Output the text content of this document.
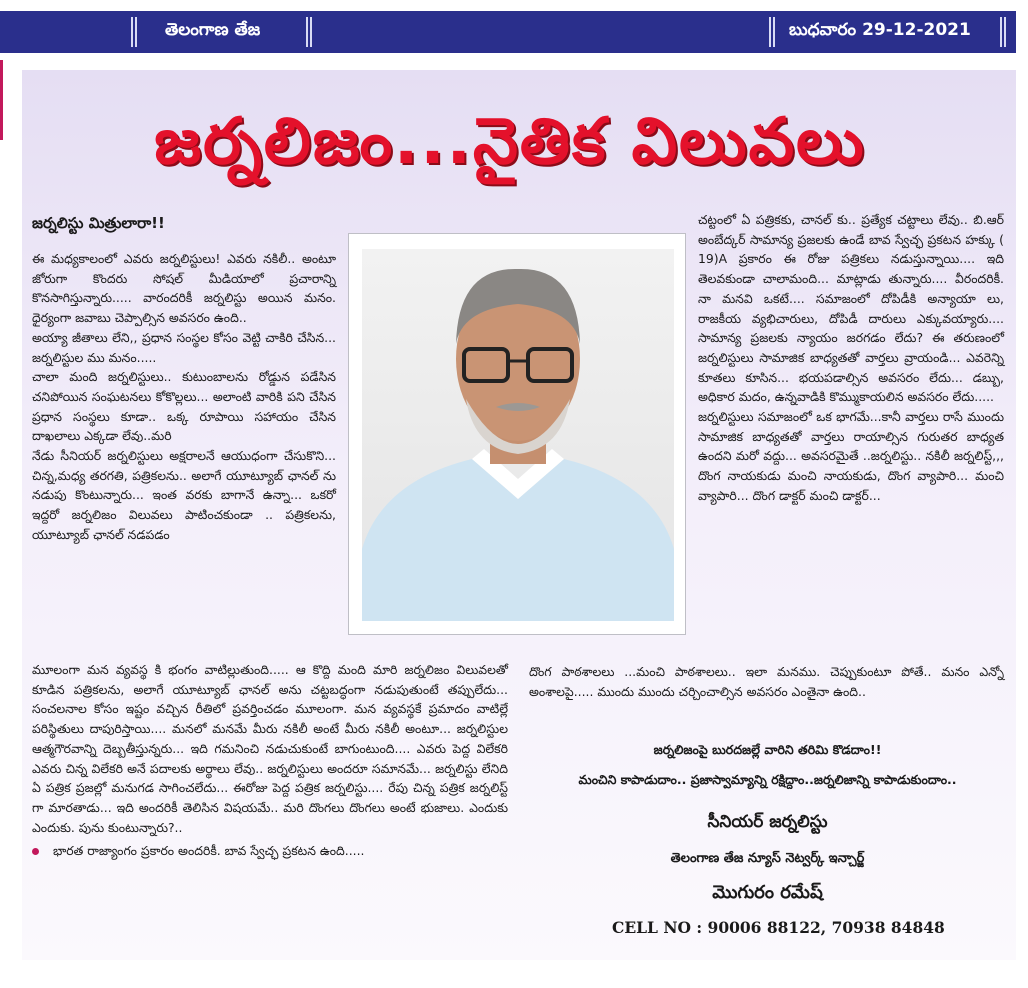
తెలంగాణ తేజ	బుధవారం 29-12-2021
జర్నలిజం...నైతిక విలువలు
జర్నలిస్టు మిత్రులారా!!

ఈ మధ్యకాలంలో ఎవరు జర్నలిస్టులు! ఎవరు నకిలీ.. అంటూ జోరుగా కొందరు సోషల్ మీడియాలో ప్రచారాన్ని కొనసాగిస్తున్నారు..... వారందరికీ జర్నలిస్టు అయిన మనం. ధైర్యంగా జవాబు చెప్పాల్సిన అవసరం ఉంది..

అయ్యా జీతాలు లేని,, ప్రధాన సంస్థల కోసం వెట్టి చాకిరి చేసిన... జర్నలిస్టుల ము మనం.....

చాలా మంది జర్నలిస్టులు.. కుటుంబాలను రోడ్డున పడేసిన చనిపోయిన సంఘటనలు కోకొల్లలు... అలాంటి వారికి పని చేసిన ప్రధాన సంస్థలు కూడా.. ఒక్క రూపాయి సహాయం చేసిన దాఖలాలు ఎక్కడా లేవు..మరి

నేడు సీనియర్ జర్నలిస్టులు అక్షరాలనే ఆయుధంగా చేసుకొని... చిన్న,మధ్య తరగతి, పత్రికలను.. అలాగే యూట్యూబ్ ఛానల్ ను నడుపు కొంటున్నారు... ఇంత వరకు బాగానే ఉన్నా... ఒకరో ఇద్దరో జర్నలిజం విలువలు పాటించకుండా .. పత్రికలను, యూట్యూబ్ ఛానల్ నడపడం

చట్టంలో ఏ పత్రికకు, చానల్ కు.. ప్రత్యేక చట్టాలు లేవు.. బి.ఆర్ అంబేద్కర్ సామాన్య ప్రజలకు ఉండే బావ స్వేచ్ఛ ప్రకటన హక్కు ( 19)A ప్రకారం ఈ రోజు పత్రికలు నడుస్తున్నాయి.... ఇది తెలవకుండా చాలామంది... మాట్లాడు తున్నారు.... వీరందరికీ. నా మనవి ఒకటే.... సమాజంలో దోపిడీకి అన్యాయా లు, రాజకీయ వ్యభిచారులు, దోపిడీ దారులు ఎక్కువయ్యారు.... సామాన్య ప్రజలకు న్యాయం జరగడం లేదు? ఈ తరుణంలో జర్నలిస్టులు సామాజిక బాధ్యతతో వార్తలు వ్రాయండి... ఎవరెన్ని కూతలు కూసిన... భయపడాల్సిన అవసరం లేదు... డబ్బు, అధికార మదం, ఉన్నవాడికి కొమ్ముకాయలిన అవసరం లేదు.....

జర్నలిస్టులు సమాజంలో ఒక భాగమే...కానీ వార్తలు రాసే ముందు సామాజిక బాధ్యతతో వార్తలు రాయాల్సిన గురుతర బాధ్యత ఉందని మరో వద్దు... అవసరమైతే ..జర్నలిస్టు.. నకిలీ జర్నలిస్ట్,,, దొంగ నాయకుడు మంచి నాయకుడు, దొంగ వ్యాపారి... మంచి వ్యాపారి... దొంగ డాక్టర్ మంచి డాక్టర్...

మూలంగా మన వ్యవస్థ కి భంగం వాటిల్లుతుంది..... ఆ కొద్ది మంది మారి జర్నలిజం విలువలతో కూడిన పత్రికలను, అలాగే యూట్యూబ్ ఛానల్ అను చట్టబద్ధంగా నడుపుతుంటే తప్పులేదు... సంచలనాల కోసం ఇష్టం వచ్చిన రీతిలో ప్రవర్తించడం మూలంగా. మన వ్యవస్థకే ప్రమాదం వాటిల్లే పరిస్థితులు దాపురిస్తాయి.... మనలో మనమే మీరు నకిలీ అంటే మీరు నకిలీ అంటూ... జర్నలిస్టుల ఆత్మగౌరవాన్ని దెబ్బతీస్తున్నరు... ఇది గమనించి నడుచుకుంటే బాగుంటుంది.... ఎవరు పెద్ద విలేకరి ఎవరు చిన్న విలేకరి అనే పదాలకు అర్థాలు లేవు.. జర్నలిస్టులు అందరూ సమానమే... జర్నలిస్టు లేనిది ఏ పత్రిక ప్రజల్లో మనుగడ సాగించలేదు... ఈరోజు పెద్ద పత్రిక జర్నలిస్టు.... రేపు చిన్న పత్రిక జర్నలిస్ట్ గా మారతాడు... ఇది అందరికీ తెలిసిన విషయమే.. మరి దొంగలు దొంగలు అంటే భుజాలు. ఎందుకు ఎందుకు. పును కుంటున్నారు?..

భారత రాజ్యాంగం ప్రకారం అందరికీ. బావ స్వేచ్ఛ ప్రకటన ఉంది.....

దొంగ పాఠశాలలు ...మంచి పాఠశాలలు.. ఇలా మనము. చెప్పుకుంటూ పోతే.. మనం ఎన్నో అంశాలపై..... ముందు ముందు చర్చించాల్సిన అవసరం ఎంతైనా ఉంది..

జర్నలిజంపై బురదజల్లే వారిని తరిమి కొడదాం!!
మంచిని కాపాడుదాం.. ప్రజాస్వామ్యాన్ని రక్షిద్దాం..జర్నలిజాన్ని కాపాడుకుందాం..
సీనియర్ జర్నలిస్టు
తెలంగాణ తేజ న్యూస్ నెట్వర్క్ ఇన్చార్జ్
మొగురం రమేష్
CELL NO : 90006 88122, 70938 84848
